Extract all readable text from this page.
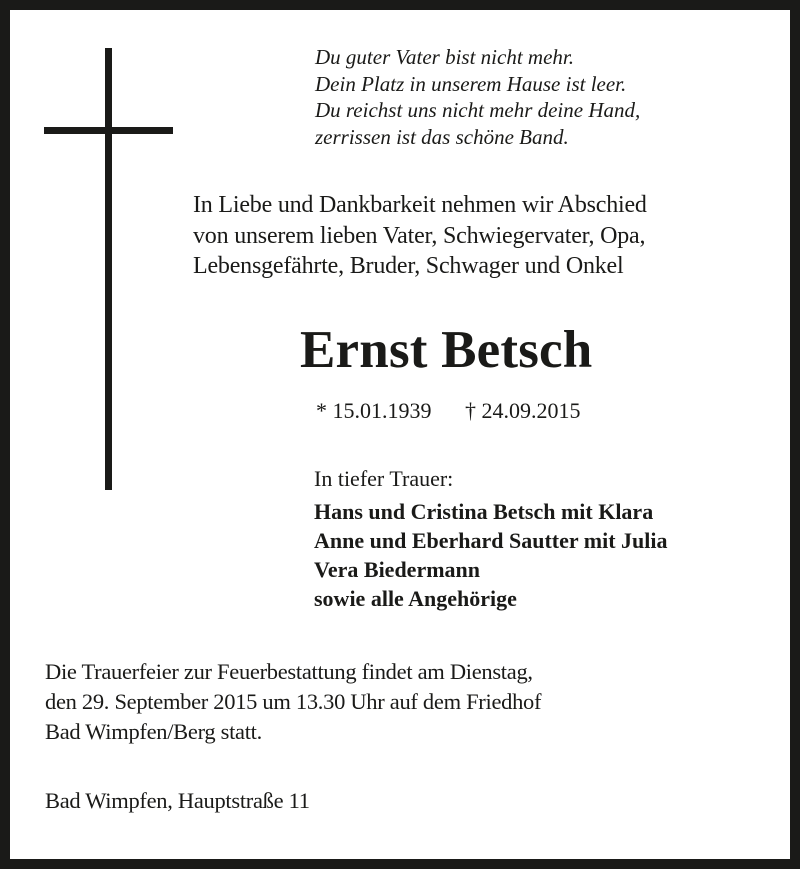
Du guter Vater bist nicht mehr.
Dein Platz in unserem Hause ist leer.
Du reichst uns nicht mehr deine Hand,
zerrissen ist das schöne Band.
In Liebe und Dankbarkeit nehmen wir Abschied
von unserem lieben Vater, Schwiegervater, Opa,
Lebensgefährte, Bruder, Schwager und Onkel
Ernst Betsch
* 15.01.1939 † 24.09.2015
In tiefer Trauer:
Hans und Cristina Betsch mit Klara
Anne und Eberhard Sautter mit Julia
Vera Biedermann
sowie alle Angehörige
Die Trauerfeier zur Feuerbestattung findet am Dienstag,
den 29. September 2015 um 13.30 Uhr auf dem Friedhof
Bad Wimpfen/Berg statt.
Bad Wimpfen, Hauptstraße 11
